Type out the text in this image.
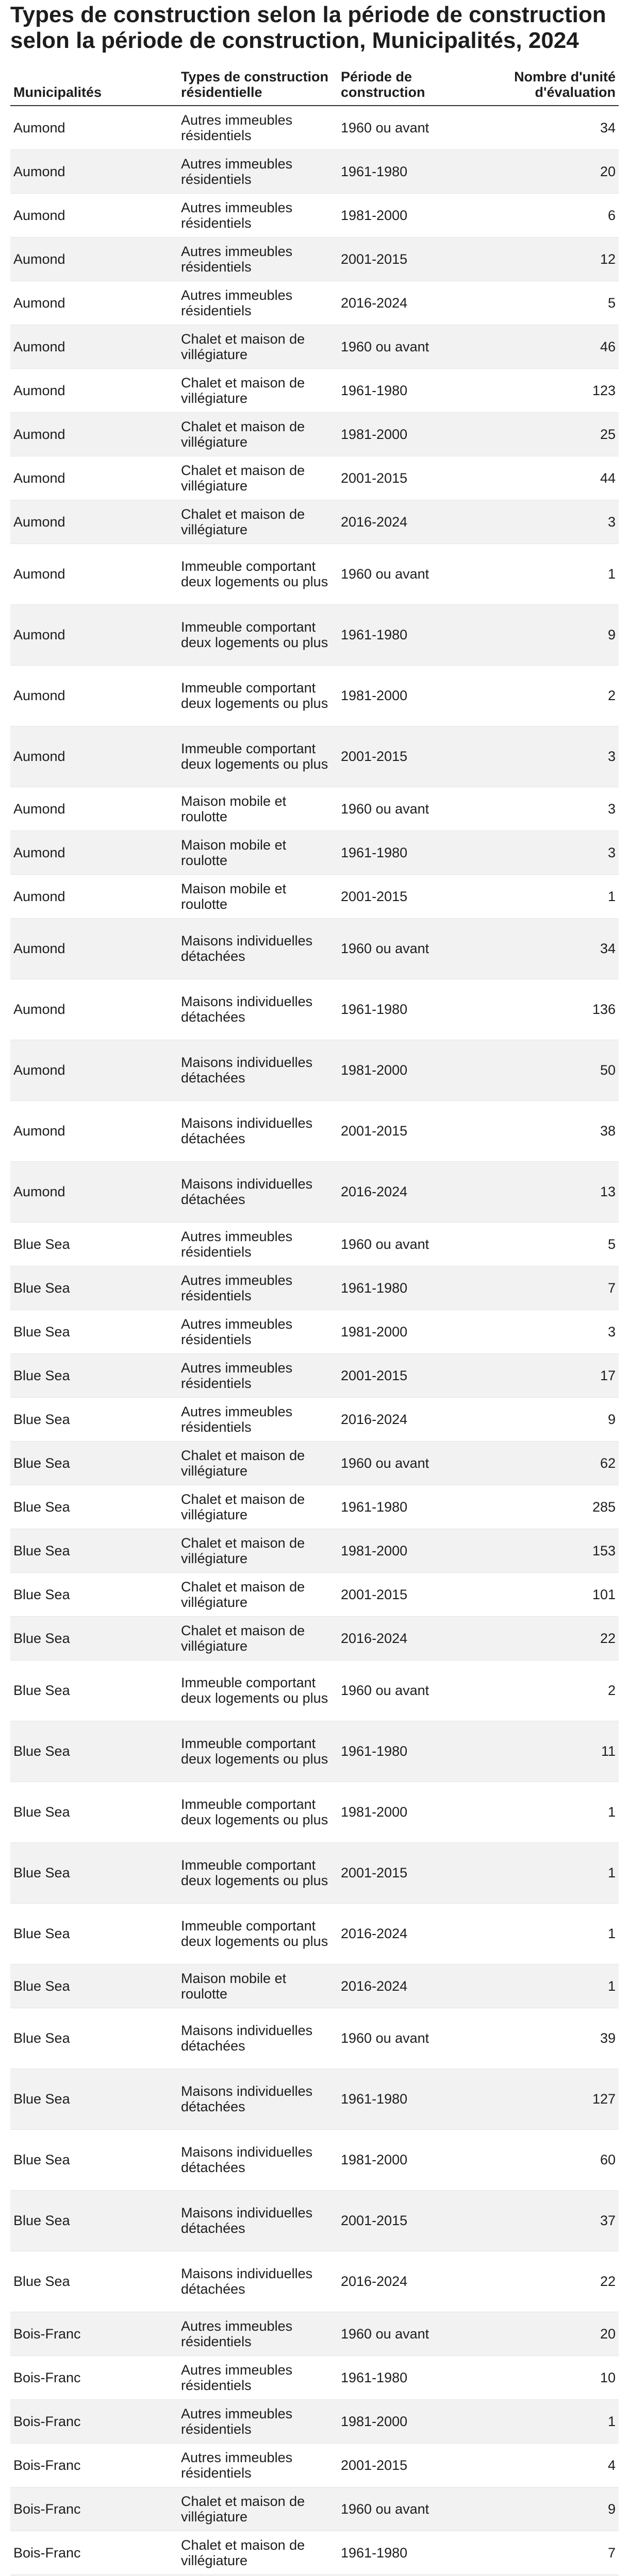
Types de construction selon la période de construction selon la période de construction, Municipalités, 2024
Municipalités	Types de construction résidentielle	Période de construction	Nombre d'unité d'évaluation
Aumond	Autres immeubles résidentiels	1960 ou avant	34
Aumond	Autres immeubles résidentiels	1961-1980	20
Aumond	Autres immeubles résidentiels	1981-2000	6
Aumond	Autres immeubles résidentiels	2001-2015	12
Aumond	Autres immeubles résidentiels	2016-2024	5
Aumond	Chalet et maison de villégiature	1960 ou avant	46
Aumond	Chalet et maison de villégiature	1961-1980	123
Aumond	Chalet et maison de villégiature	1981-2000	25
Aumond	Chalet et maison de villégiature	2001-2015	44
Aumond	Chalet et maison de villégiature	2016-2024	3
Aumond	Immeuble comportant deux logements ou plus	1960 ou avant	1
Aumond	Immeuble comportant deux logements ou plus	1961-1980	9
Aumond	Immeuble comportant deux logements ou plus	1981-2000	2
Aumond	Immeuble comportant deux logements ou plus	2001-2015	3
Aumond	Maison mobile et roulotte	1960 ou avant	3
Aumond	Maison mobile et roulotte	1961-1980	3
Aumond	Maison mobile et roulotte	2001-2015	1
Aumond	Maisons individuelles détachées	1960 ou avant	34
Aumond	Maisons individuelles détachées	1961-1980	136
Aumond	Maisons individuelles détachées	1981-2000	50
Aumond	Maisons individuelles détachées	2001-2015	38
Aumond	Maisons individuelles détachées	2016-2024	13
Blue Sea	Autres immeubles résidentiels	1960 ou avant	5
Blue Sea	Autres immeubles résidentiels	1961-1980	7
Blue Sea	Autres immeubles résidentiels	1981-2000	3
Blue Sea	Autres immeubles résidentiels	2001-2015	17
Blue Sea	Autres immeubles résidentiels	2016-2024	9
Blue Sea	Chalet et maison de villégiature	1960 ou avant	62
Blue Sea	Chalet et maison de villégiature	1961-1980	285
Blue Sea	Chalet et maison de villégiature	1981-2000	153
Blue Sea	Chalet et maison de villégiature	2001-2015	101
Blue Sea	Chalet et maison de villégiature	2016-2024	22
Blue Sea	Immeuble comportant deux logements ou plus	1960 ou avant	2
Blue Sea	Immeuble comportant deux logements ou plus	1961-1980	11
Blue Sea	Immeuble comportant deux logements ou plus	1981-2000	1
Blue Sea	Immeuble comportant deux logements ou plus	2001-2015	1
Blue Sea	Immeuble comportant deux logements ou plus	2016-2024	1
Blue Sea	Maison mobile et roulotte	2016-2024	1
Blue Sea	Maisons individuelles détachées	1960 ou avant	39
Blue Sea	Maisons individuelles détachées	1961-1980	127
Blue Sea	Maisons individuelles détachées	1981-2000	60
Blue Sea	Maisons individuelles détachées	2001-2015	37
Blue Sea	Maisons individuelles détachées	2016-2024	22
Bois-Franc	Autres immeubles résidentiels	1960 ou avant	20
Bois-Franc	Autres immeubles résidentiels	1961-1980	10
Bois-Franc	Autres immeubles résidentiels	1981-2000	1
Bois-Franc	Autres immeubles résidentiels	2001-2015	4
Bois-Franc	Chalet et maison de villégiature	1960 ou avant	9
Bois-Franc	Chalet et maison de villégiature	1961-1980	7
